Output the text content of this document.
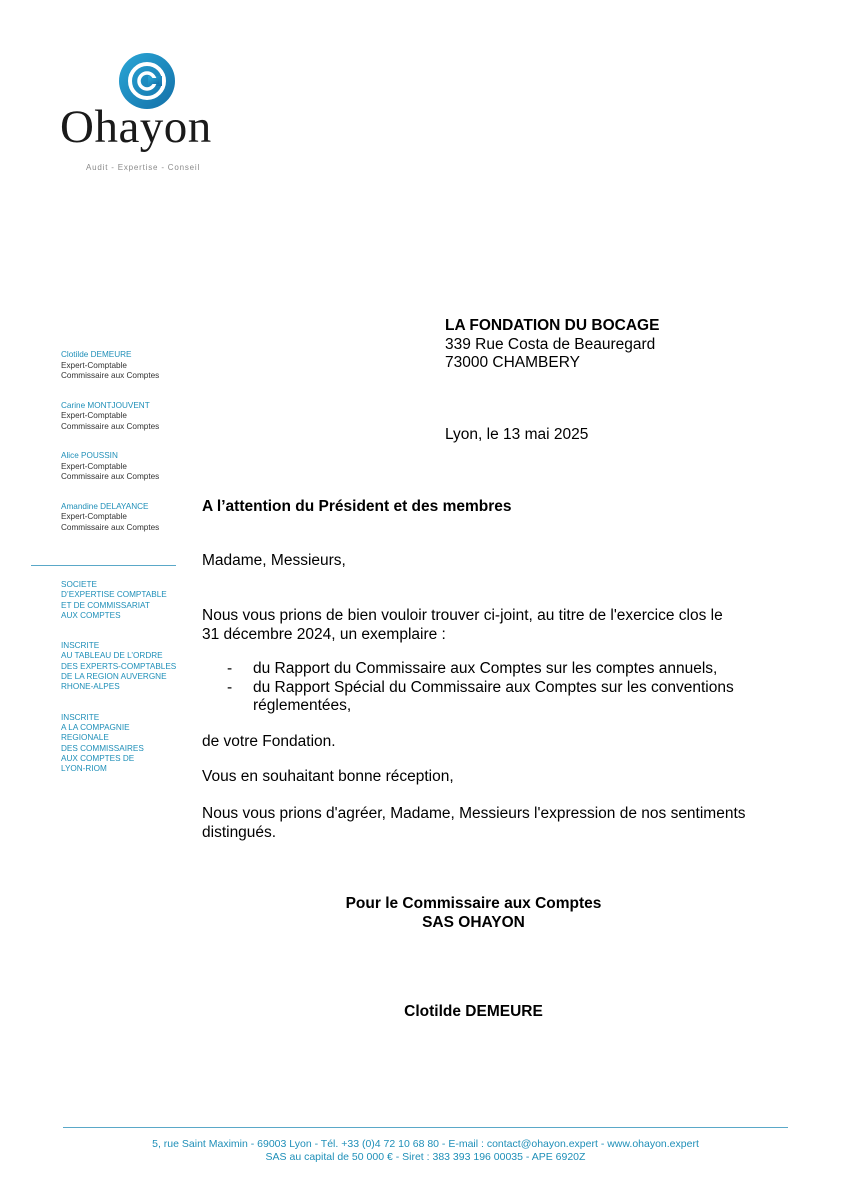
Ohayon
Audit - Expertise - Conseil
Clotilde DEMEURE
Expert-Comptable
Commissaire aux Comptes
Carine MONTJOUVENT
Expert-Comptable
Commissaire aux Comptes
Alice POUSSIN
Expert-Comptable
Commissaire aux Comptes
Amandine DELAYANCE
Expert-Comptable
Commissaire aux Comptes
SOCIETE
D’EXPERTISE COMPTABLE
ET DE COMMISSARIAT
AUX COMPTES
INSCRITE
AU TABLEAU DE L’ORDRE
DES EXPERTS-COMPTABLES
DE LA REGION AUVERGNE
RHONE-ALPES
INSCRITE
A LA COMPAGNIE
REGIONALE
DES COMMISSAIRES
AUX COMPTES DE
LYON-RIOM
LA FONDATION DU BOCAGE
339 Rue Costa de Beauregard
73000 CHAMBERY
Lyon, le 13 mai 2025
A l’attention du Président et des membres
Madame, Messieurs,
Nous vous prions de bien vouloir trouver ci-joint, au titre de l'exercice clos le
31 décembre 2024, un exemplaire :
-	du Rapport du Commissaire aux Comptes sur les comptes annuels,
-	du Rapport Spécial du Commissaire aux Comptes sur les conventions
réglementées,
de votre Fondation.
Vous en souhaitant bonne réception,
Nous vous prions d'agréer, Madame, Messieurs l'expression de nos sentiments
distingués.
Pour le Commissaire aux Comptes
SAS OHAYON
Clotilde DEMEURE
5, rue Saint Maximin - 69003 Lyon - Tél. +33 (0)4 72 10 68 80 - E-mail : contact@ohayon.expert - www.ohayon.expert
SAS au capital de 50 000 € - Siret : 383 393 196 00035 - APE 6920Z
